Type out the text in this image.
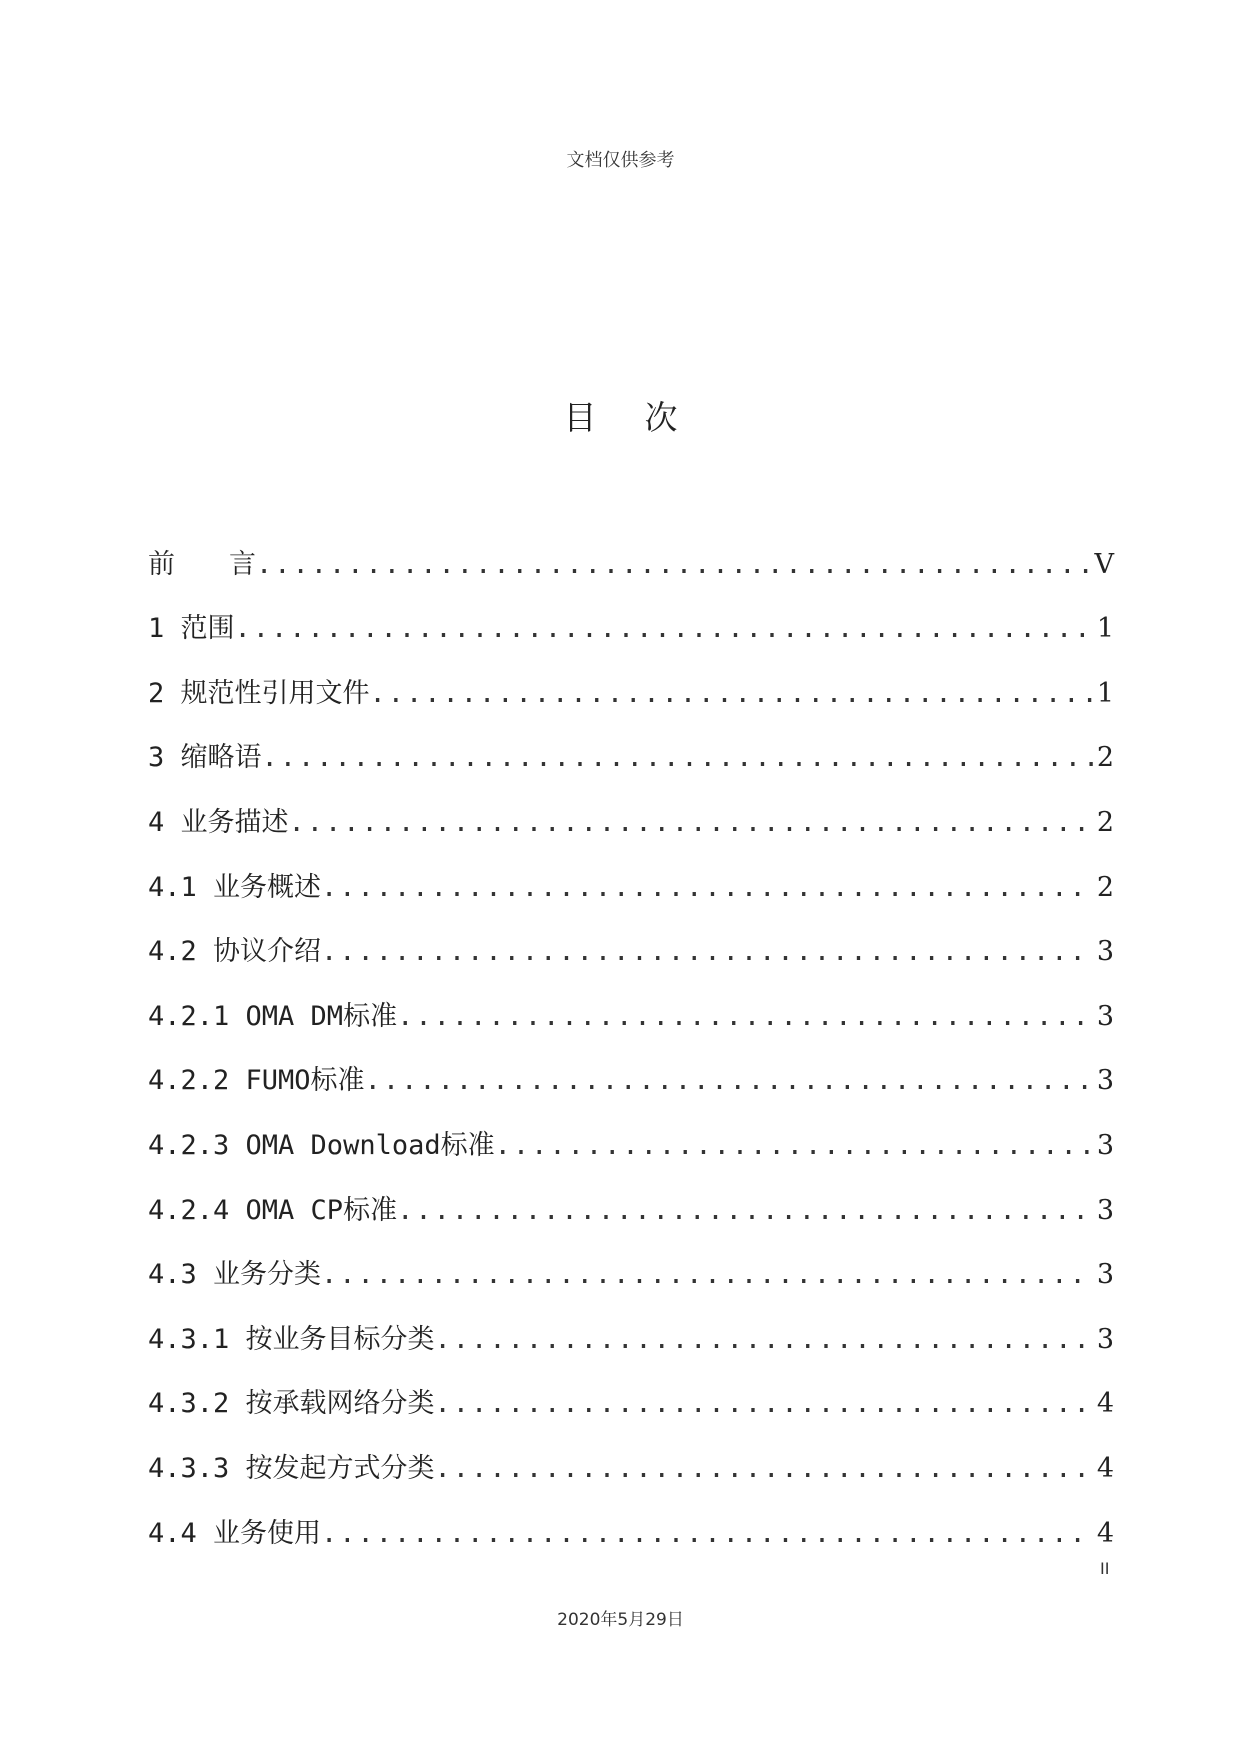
文档仅供参考
目次
前　　言 .....	V
1 范围 .....	1
2 规范性引用文件 .....	1
3 缩略语 .....	2
4 业务描述 .....	2
4.1 业务概述 .....	2
4.2 协议介绍 .....	3
4.2.1 OMA DM标准 .....	3
4.2.2 FUMO标准 .....	3
4.2.3 OMA Download标准 .....	3
4.2.4 OMA CP标准 .....	3
4.3 业务分类 .....	3
4.3.1 按业务目标分类 .....	3
4.3.2 按承载网络分类 .....	4
4.3.3 按发起方式分类 .....	4
4.4 业务使用 .....	4
II
2020年5月29日
